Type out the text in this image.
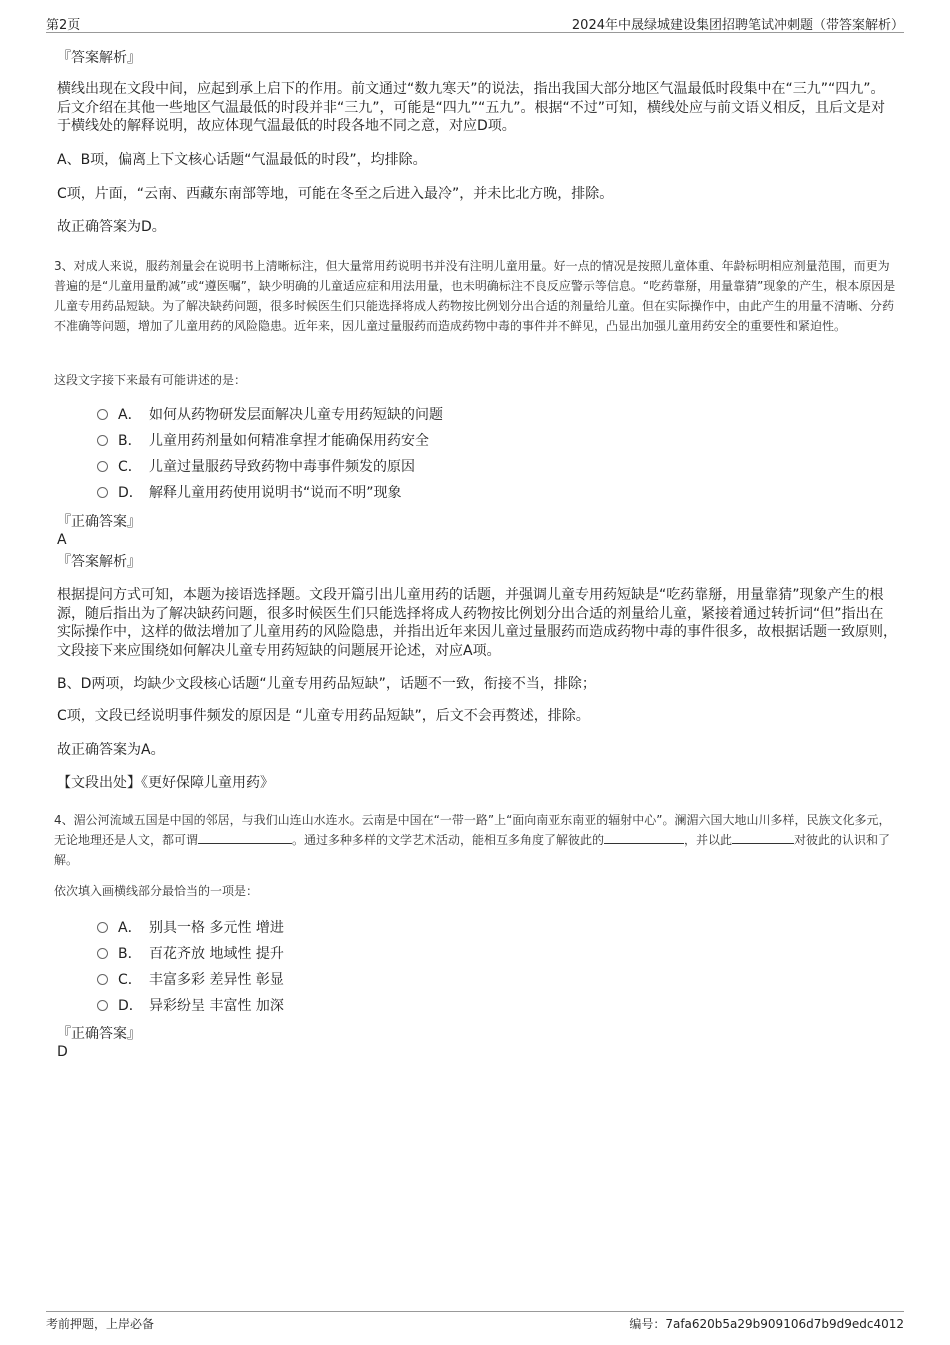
第2页	2024年中晟绿城建设集团招聘笔试冲刺题（带答案解析）
『答案解析』
横线出现在文段中间，应起到承上启下的作用。前文通过“数九寒天”的说法，指出我国大部分地区气温最低时段集中在“三九”“四九”。后文介绍在其他一些地区气温最低的时段并非“三九”，可能是“四九”“五九”。根据“不过”可知，横线处应与前文语义相反，且后文是对于横线处的解释说明，故应体现气温最低的时段各地不同之意，对应D项。
A、B项，偏离上下文核心话题“气温最低的时段”，均排除。
C项，片面，“云南、西藏东南部等地，可能在冬至之后进入最冷”，并未比北方晚，排除。
故正确答案为D。
3、对成人来说，服药剂量会在说明书上清晰标注，但大量常用药说明书并没有注明儿童用量。好一点的情况是按照儿童体重、年龄标明相应剂量范围，而更为普遍的是“儿童用量酌减”或“遵医嘱”，缺少明确的儿童适应症和用法用量，也未明确标注不良反应警示等信息。“吃药靠掰，用量靠猜”现象的产生，根本原因是儿童专用药品短缺。为了解决缺药问题，很多时候医生们只能选择将成人药物按比例划分出合适的剂量给儿童。但在实际操作中，由此产生的用量不清晰、分药不准确等问题，增加了儿童用药的风险隐患。近年来，因儿童过量服药而造成药物中毒的事件并不鲜见，凸显出加强儿童用药安全的重要性和紧迫性。
这段文字接下来最有可能讲述的是：
A． 如何从药物研发层面解决儿童专用药短缺的问题
B． 儿童用药剂量如何精准拿捏才能确保用药安全
C． 儿童过量服药导致药物中毒事件频发的原因
D． 解释儿童用药使用说明书“说而不明”现象
『正确答案』
A
『答案解析』
根据提问方式可知，本题为接语选择题。文段开篇引出儿童用药的话题，并强调儿童专用药短缺是“吃药靠掰，用量靠猜”现象产生的根源，随后指出为了解决缺药问题，很多时候医生们只能选择将成人药物按比例划分出合适的剂量给儿童，紧接着通过转折词“但”指出在实际操作中，这样的做法增加了儿童用药的风险隐患，并指出近年来因儿童过量服药而造成药物中毒的事件很多，故根据话题一致原则，文段接下来应围绕如何解决儿童专用药短缺的问题展开论述，对应A项。
B、D两项，均缺少文段核心话题“儿童专用药品短缺”，话题不一致，衔接不当，排除；
C项，文段已经说明事件频发的原因是 “儿童专用药品短缺”，后文不会再赘述，排除。
故正确答案为A。
【文段出处】《更好保障儿童用药》
4、湄公河流域五国是中国的邻居，与我们山连山水连水。云南是中国在“一带一路”上“面向南亚东南亚的辐射中心”。澜湄六国大地山川多样，民族文化多元，无论地理还是人文，都可谓	。通过多种多样的文学艺术活动，能相互多角度了解彼此的	，并以此	对彼此的认识和了解。
依次填入画横线部分最恰当的一项是：
A． 别具一格 多元性 增进
B． 百花齐放 地域性 提升
C． 丰富多彩 差异性 彰显
D． 异彩纷呈 丰富性 加深
『正确答案』
D
考前押题，上岸必备	编号：7afa620b5a29b909106d7b9d9edc4012
